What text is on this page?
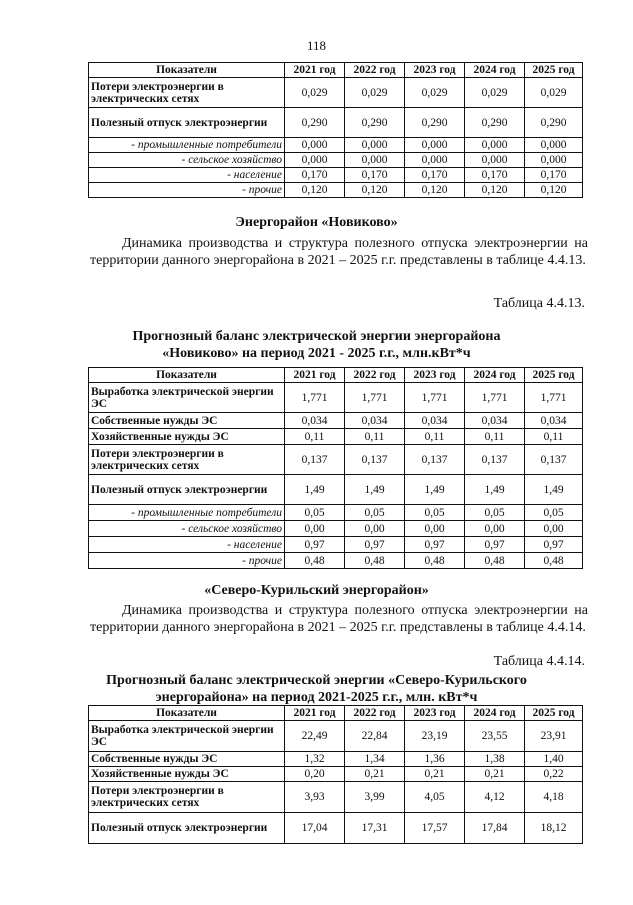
118
Показатели	2021 год	2022 год	2023 год	2024 год	2025 год
Потери электроэнергии в электрических сетях	0,029	0,029	0,029	0,029	0,029
Полезный отпуск электроэнергии	0,290	0,290	0,290	0,290	0,290
- промышленные потребители	0,000	0,000	0,000	0,000	0,000
- сельское хозяйство	0,000	0,000	0,000	0,000	0,000
- население	0,170	0,170	0,170	0,170	0,170
- прочие	0,120	0,120	0,120	0,120	0,120
Энергорайон «Новиково»
Динамика производства и структура полезного отпуска электроэнергии на территории данного энергорайона в 2021 – 2025 г.г. представлены в таблице 4.4.13.
Таблица 4.4.13.
Прогнозный баланс электрической энергии энергорайона
«Новиково» на период 2021 - 2025 г.г., млн.кВт*ч
Показатели	2021 год	2022 год	2023 год	2024 год	2025 год
Выработка электрической энергии ЭС	1,771	1,771	1,771	1,771	1,771
Собственные нужды ЭС	0,034	0,034	0,034	0,034	0,034
Хозяйственные нужды ЭС	0,11	0,11	0,11	0,11	0,11
Потери электроэнергии в электрических сетях	0,137	0,137	0,137	0,137	0,137
Полезный отпуск электроэнергии	1,49	1,49	1,49	1,49	1,49
- промышленные потребители	0,05	0,05	0,05	0,05	0,05
- сельское хозяйство	0,00	0,00	0,00	0,00	0,00
- население	0,97	0,97	0,97	0,97	0,97
- прочие	0,48	0,48	0,48	0,48	0,48
«Северо-Курильский энергорайон»
Динамика производства и структура полезного отпуска электроэнергии на территории данного энергорайона в 2021 – 2025 г.г. представлены в таблице 4.4.14.
Таблица 4.4.14.
Прогнозный баланс электрической энергии «Северо-Курильского
энергорайона» на период 2021-2025 г.г., млн. кВт*ч
Показатели	2021 год	2022 год	2023 год	2024 год	2025 год
Выработка электрической энергии ЭС	22,49	22,84	23,19	23,55	23,91
Собственные нужды ЭС	1,32	1,34	1,36	1,38	1,40
Хозяйственные нужды ЭС	0,20	0,21	0,21	0,21	0,22
Потери электроэнергии в электрических сетях	3,93	3,99	4,05	4,12	4,18
Полезный отпуск электроэнергии	17,04	17,31	17,57	17,84	18,12
